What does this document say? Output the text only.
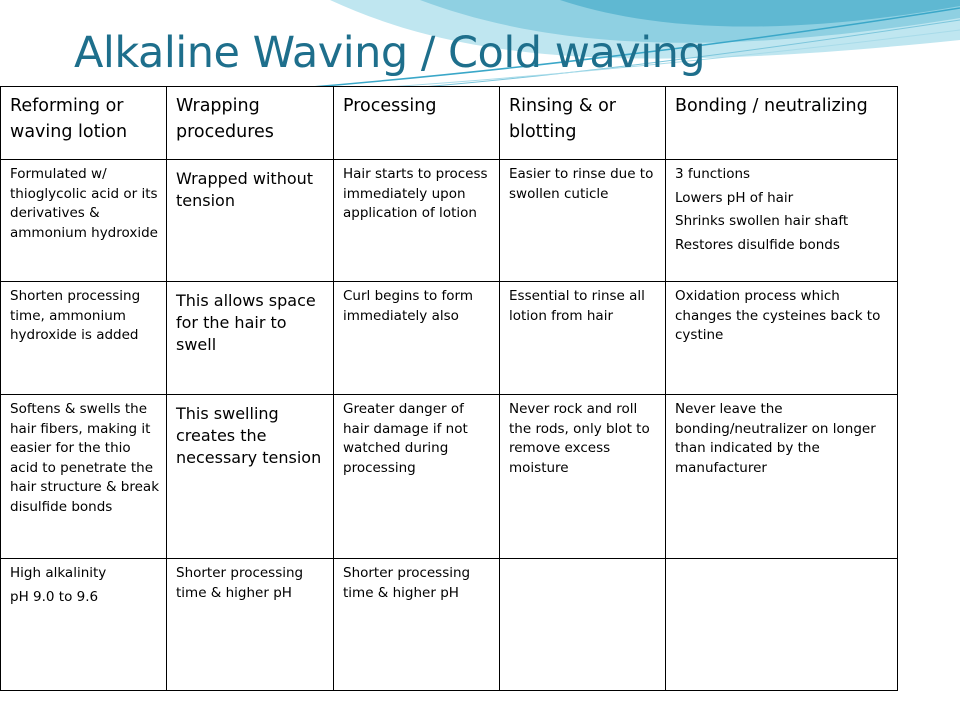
Alkaline Waving / Cold waving
Reforming or waving lotion	Wrapping procedures	Processing	Rinsing & or blotting	Bonding / neutralizing

Formulated w/ thioglycolic acid or its derivatives & ammonium hydroxide	Wrapped without tension	Hair starts to process immediately upon application of lotion	Easier to rinse due to swollen cuticle	3 functions
Lowers pH of hair
Shrinks swollen hair shaft
Restores disulfide bonds

Shorten processing time, ammonium hydroxide is added	This allows space for the hair to swell	Curl begins to form immediately also	Essential to rinse all lotion from hair	Oxidation process which changes the cysteines back to cystine

Softens & swells the hair fibers, making it easier for the thio acid to penetrate the hair structure & break disulfide bonds	This swelling creates the necessary tension	Greater danger of hair damage if not watched during processing	Never rock and roll the rods, only blot to remove excess moisture	Never leave the bonding/neutralizer on longer than indicated by the manufacturer

High alkalinity
pH 9.0 to 9.6	Shorter processing time & higher pH	Shorter processing time & higher pH		
